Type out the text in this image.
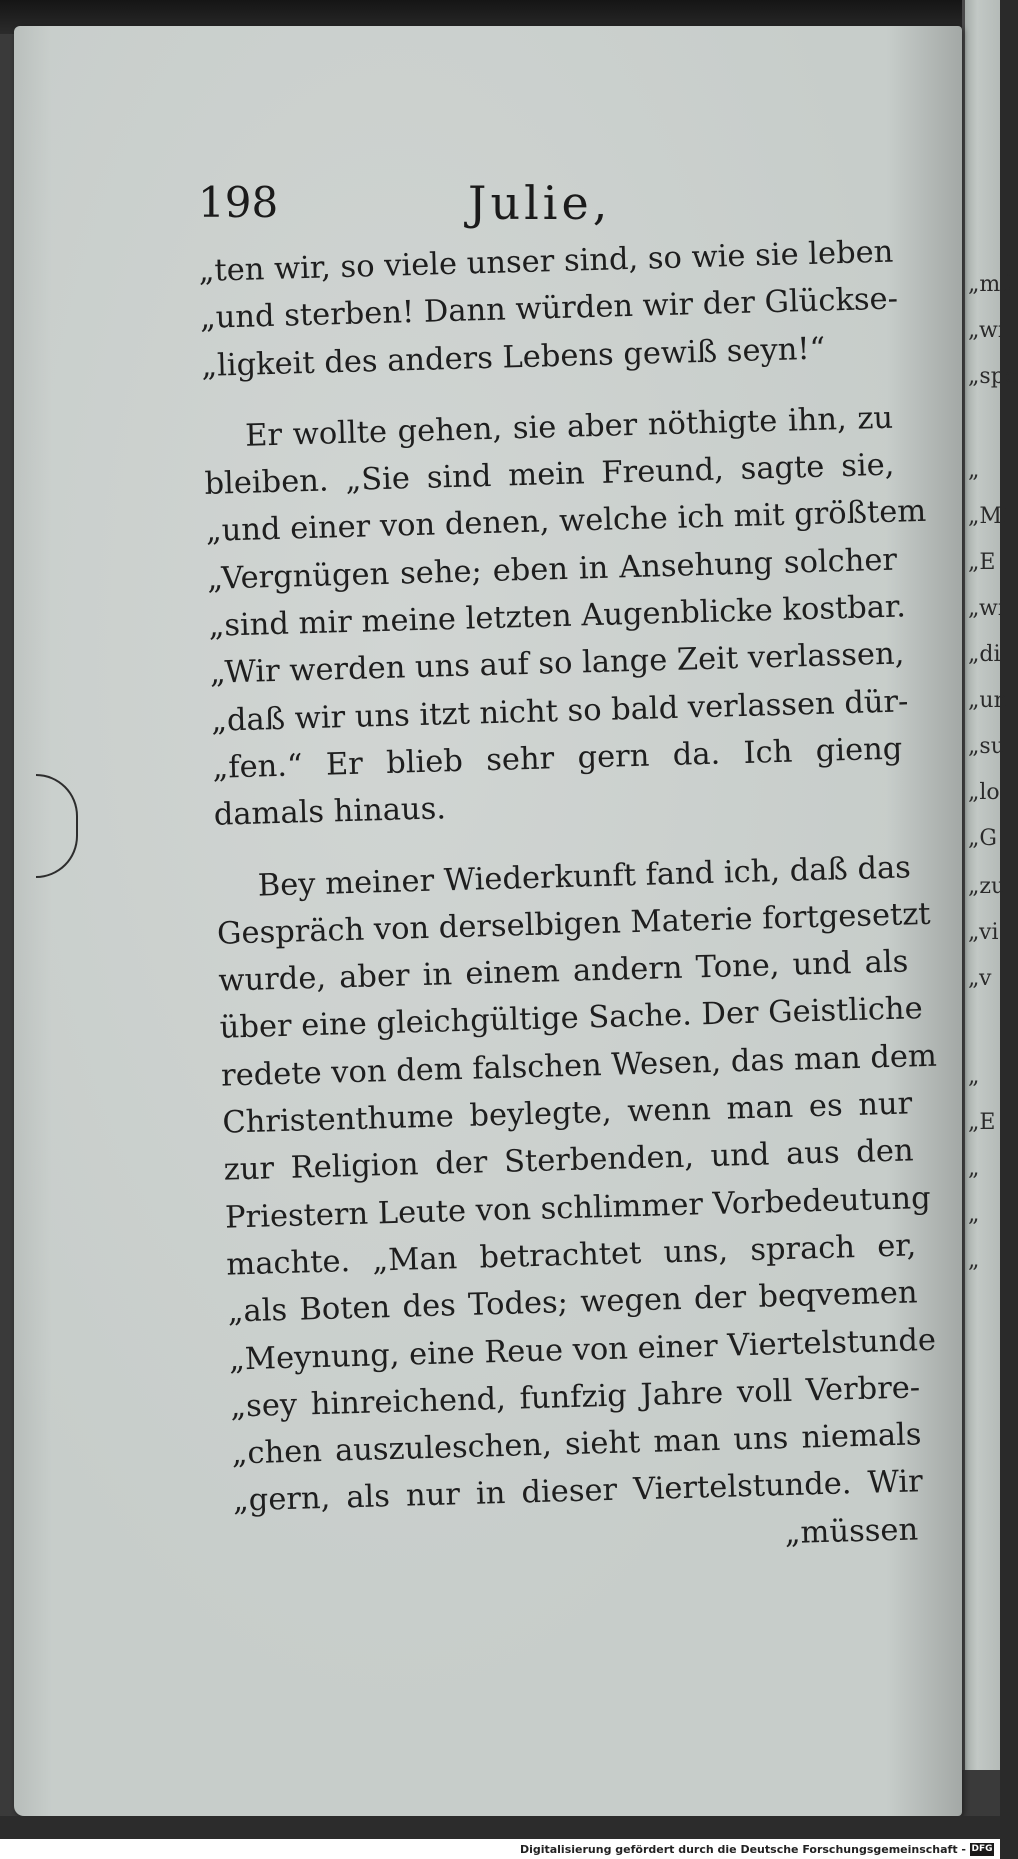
„mü
„wi
„spe
„
„Mi
„E
„wi
„di
„un
„su
„lo
„G
„zu
„vi
„v
„
„E
„
„
„
198	Julie,
„ten wir, so viele unser sind, so wie sie leben
„und sterben! Dann würden wir der Glückse-
„ligkeit des anders Lebens gewiß seyn!“
Er wollte gehen, sie aber nöthigte ihn, zu
bleiben. „Sie sind mein Freund, sagte sie,
„und einer von denen, welche ich mit größtem
„Vergnügen sehe; eben in Ansehung solcher
„sind mir meine letzten Augenblicke kostbar.
„Wir werden uns auf so lange Zeit verlassen,
„daß wir uns itzt nicht so bald verlassen dür-
„fen.“ Er blieb sehr gern da. Ich gieng
damals hinaus.
Bey meiner Wiederkunft fand ich, daß das
Gespräch von derselbigen Materie fortgesetzt
wurde, aber in einem andern Tone, und als
über eine gleichgültige Sache. Der Geistliche
redete von dem falschen Wesen, das man dem
Christenthume beylegte, wenn man es nur
zur Religion der Sterbenden, und aus den
Priestern Leute von schlimmer Vorbedeutung
machte. „Man betrachtet uns, sprach er,
„als Boten des Todes; wegen der beqvemen
„Meynung, eine Reue von einer Viertelstunde
„sey hinreichend, funfzig Jahre voll Verbre-
„chen auszuleschen, sieht man uns niemals
„gern, als nur in dieser Viertelstunde. Wir
„müssen
Digitalisierung gefördert durch die Deutsche Forschungsgemeinschaft - DFG
